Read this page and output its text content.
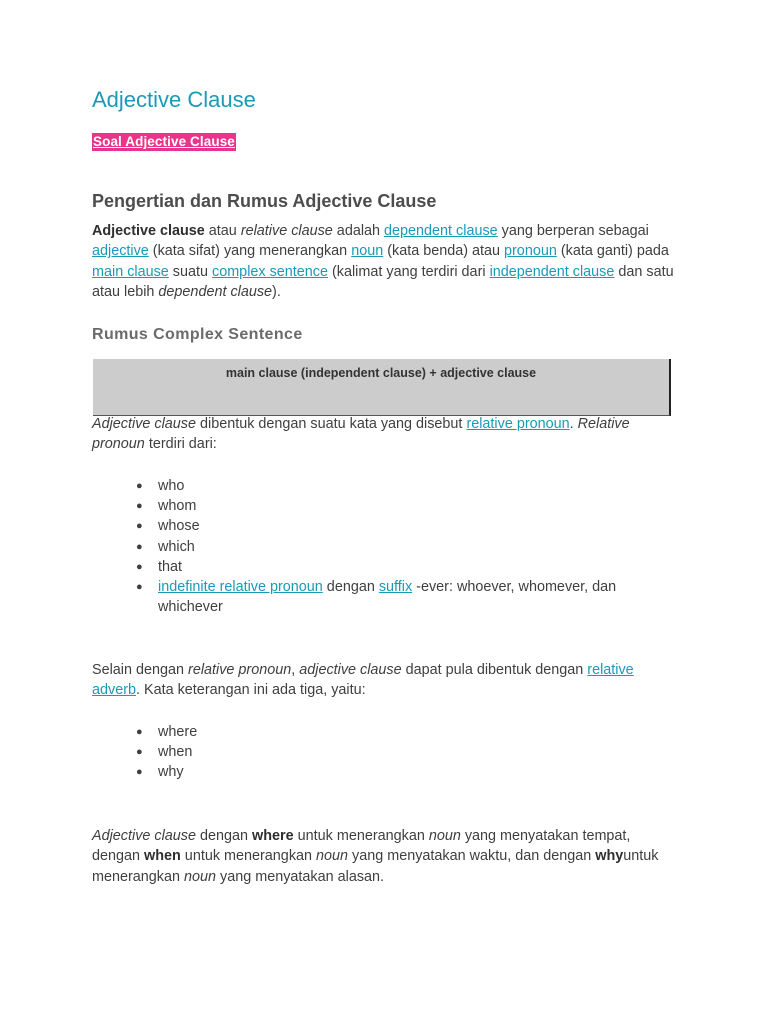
Adjective Clause
Soal Adjective Clause
Pengertian dan Rumus Adjective Clause

Adjective clause atau relative clause adalah dependent clause yang berperan sebagai adjective (kata sifat) yang menerangkan noun (kata benda) atau pronoun (kata ganti) pada main clause suatu complex sentence (kalimat yang terdiri dari independent clause dan satu atau lebih dependent clause).

Rumus Complex Sentence
main clause (independent clause) + adjective clause

Adjective clause dibentuk dengan suatu kata yang disebut relative pronoun. Relative pronoun terdiri dari:

● who
● whom
● whose
● which
● that
● indefinite relative pronoun dengan suffix -ever: whoever, whomever, dan whichever

Selain dengan relative pronoun, adjective clause dapat pula dibentuk dengan relative adverb. Kata keterangan ini ada tiga, yaitu:

● where
● when
● why

Adjective clause dengan where untuk menerangkan noun yang menyatakan tempat, dengan when untuk menerangkan noun yang menyatakan waktu, dan dengan whyuntuk menerangkan noun yang menyatakan alasan.
